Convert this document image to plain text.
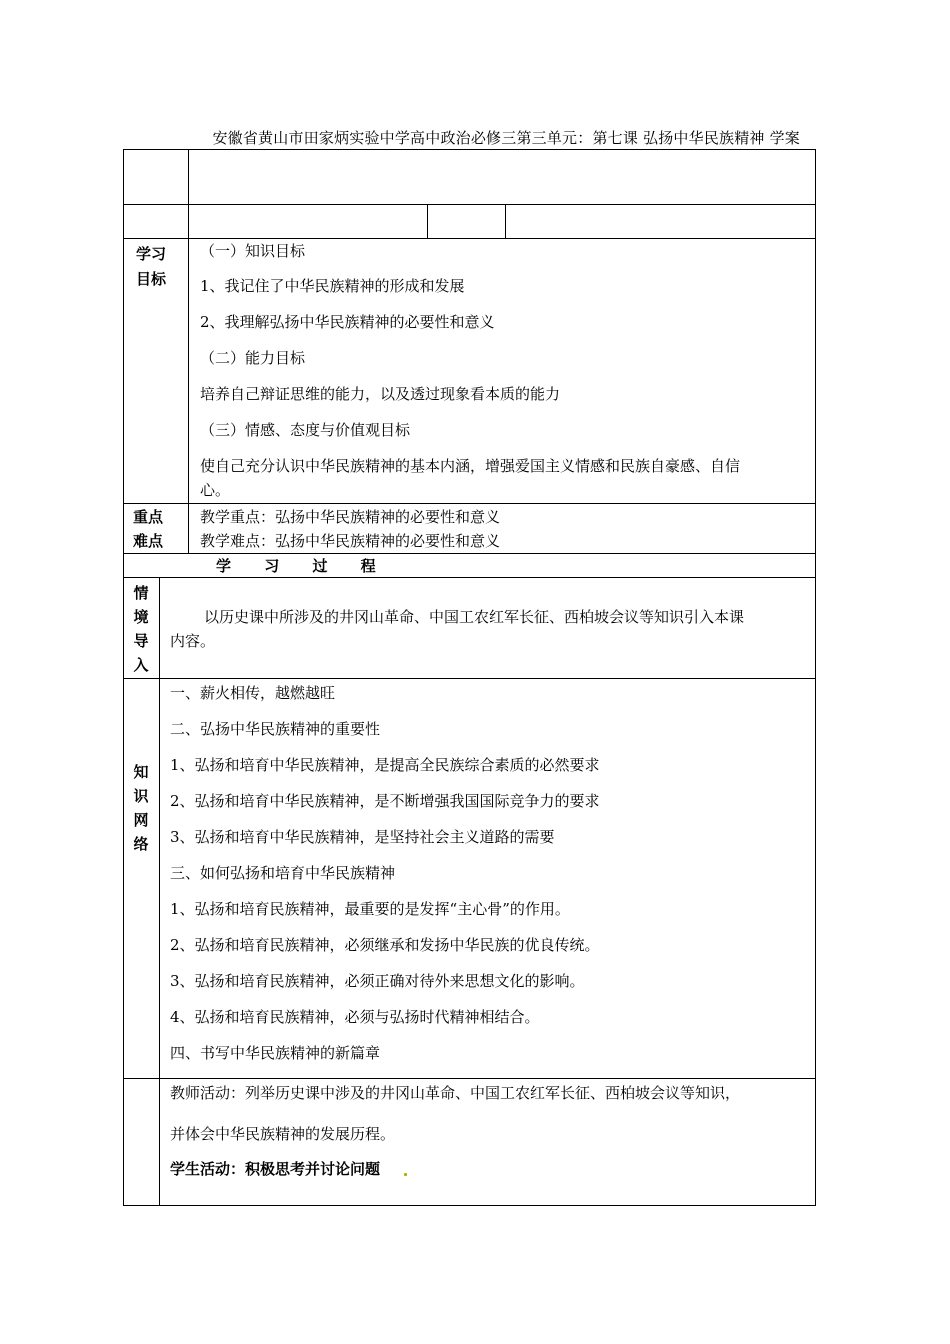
安徽省黄山市田家炳实验中学高中政治必修三第三单元：第七课 弘扬中华民族精神 学案
学习目标
（一）知识目标
1、我记住了中华民族精神的形成和发展
2、我理解弘扬中华民族精神的必要性和意义
（二）能力目标
培养自己辩证思维的能力，以及透过现象看本质的能力
（三）情感、态度与价值观目标
使自己充分认识中华民族精神的基本内涵，增强爱国主义情感和民族自豪感、自信
心。
重点
难点
教学重点：弘扬中华民族精神的必要性和意义
教学难点：弘扬中华民族精神的必要性和意义
学 习 过 程
情境导入
以历史课中所涉及的井冈山革命、中国工农红军长征、西柏坡会议等知识引入本课
内容。
知识网络
一、薪火相传，越燃越旺
二、弘扬中华民族精神的重要性
1、弘扬和培育中华民族精神，是提高全民族综合素质的必然要求
2、弘扬和培育中华民族精神，是不断增强我国国际竞争力的要求
3、弘扬和培育中华民族精神，是坚持社会主义道路的需要
三、如何弘扬和培育中华民族精神
1、弘扬和培育民族精神，最重要的是发挥“主心骨”的作用。
2、弘扬和培育民族精神，必须继承和发扬中华民族的优良传统。
3、弘扬和培育民族精神，必须正确对待外来思想文化的影响。
4、弘扬和培育民族精神，必须与弘扬时代精神相结合。
四、书写中华民族精神的新篇章
教师活动：列举历史课中涉及的井冈山革命、中国工农红军长征、西柏坡会议等知识，
并体会中华民族精神的发展历程。
学生活动：积极思考并讨论问题
